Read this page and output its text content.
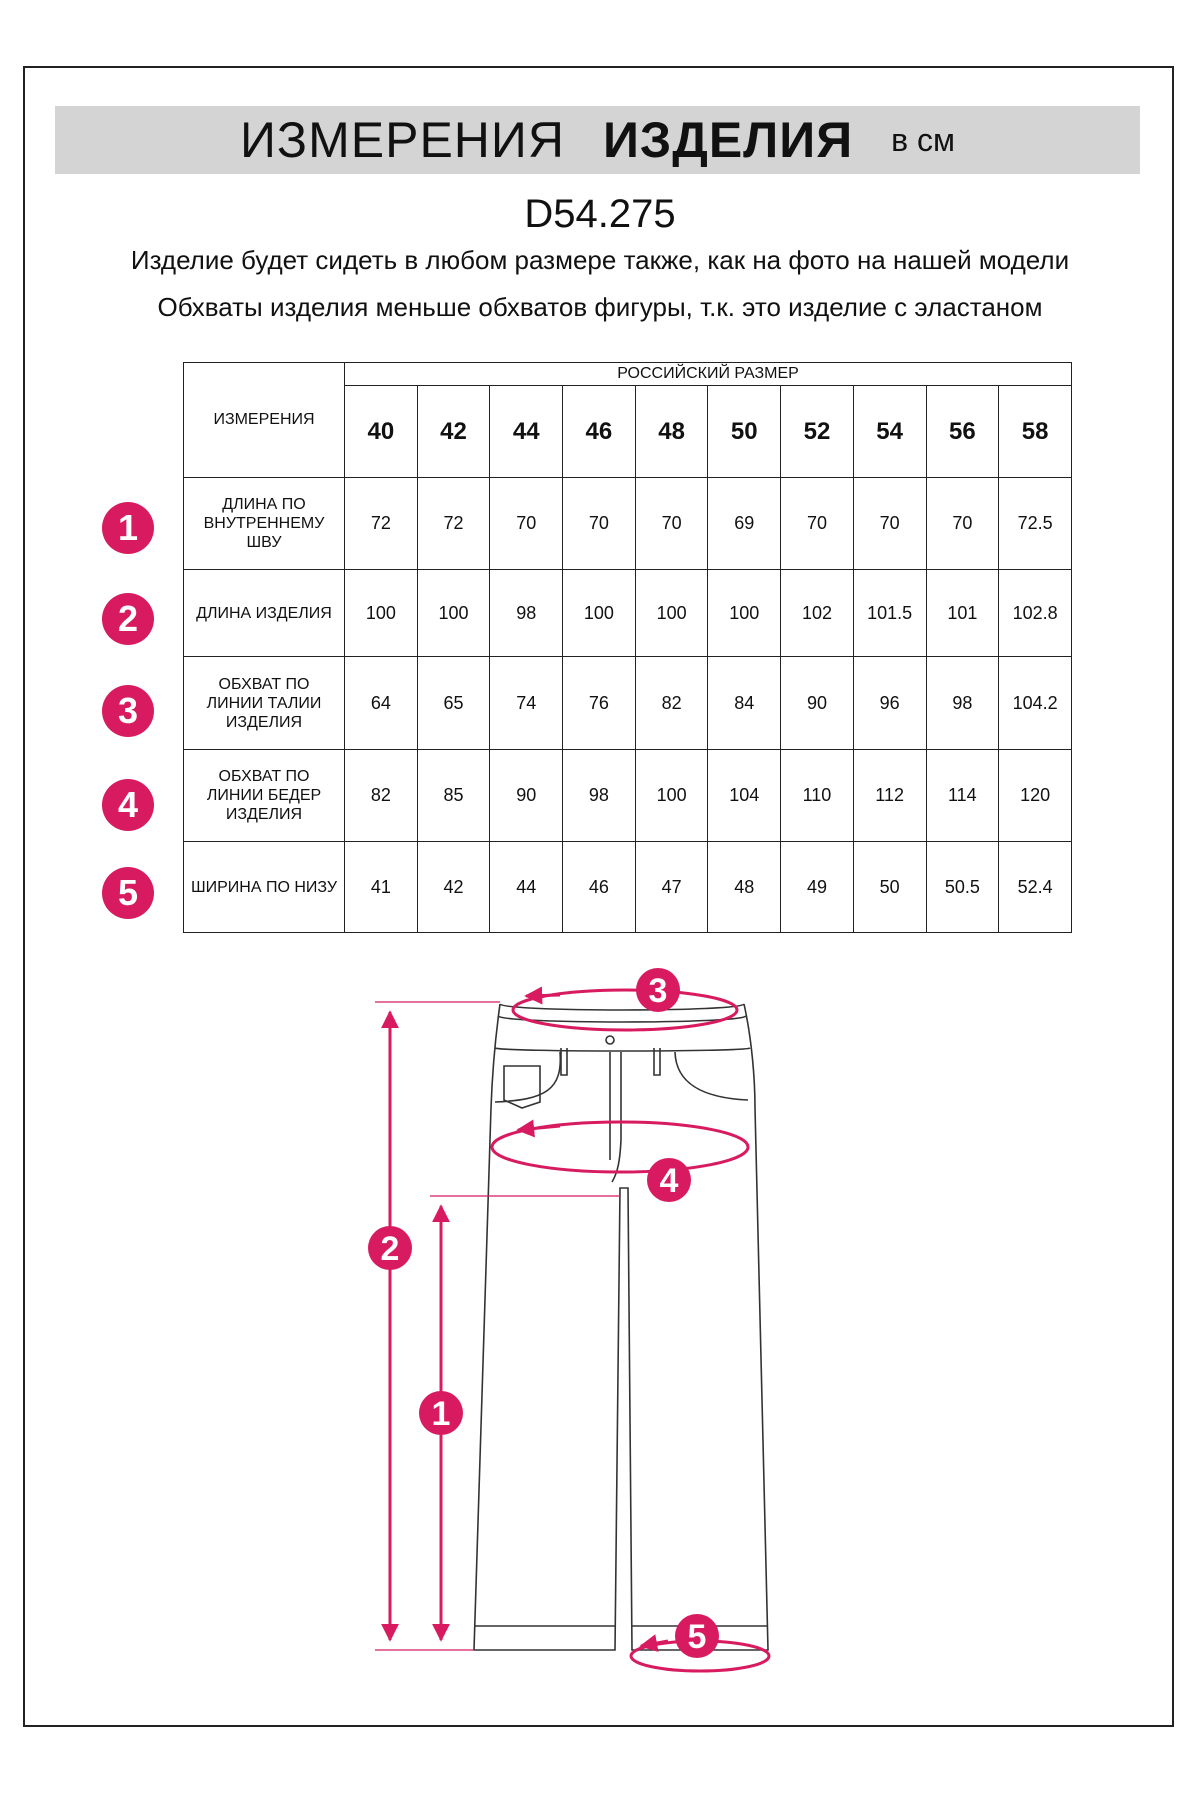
ИЗМЕРЕНИЯ ИЗДЕЛИЯ в см
D54.275
Изделие будет сидеть в любом размере также, как на фото на нашей модели
Обхваты изделия меньше обхватов фигуры, т.к. это изделие с эластаном
ИЗМЕРЕНИЯ	РОССИЙСКИЙ РАЗМЕР									
	40	42	44	46	48	50	52	54	56	58
ДЛИНА ПО ВНУТРЕННЕМУ ШВУ	72	72	70	70	70	69	70	70	70	72.5
ДЛИНА ИЗДЕЛИЯ	100	100	98	100	100	100	102	101.5	101	102.8
ОБХВАТ ПО ЛИНИИ ТАЛИИ ИЗДЕЛИЯ	64	65	74	76	82	84	90	96	98	104.2
ОБХВАТ ПО ЛИНИИ БЕДЕР ИЗДЕЛИЯ	82	85	90	98	100	104	110	112	114	120
ШИРИНА ПО НИЗУ	41	42	44	46	47	48	49	50	50.5	52.4
1
2
3
4
5
3
4
5
2
1
